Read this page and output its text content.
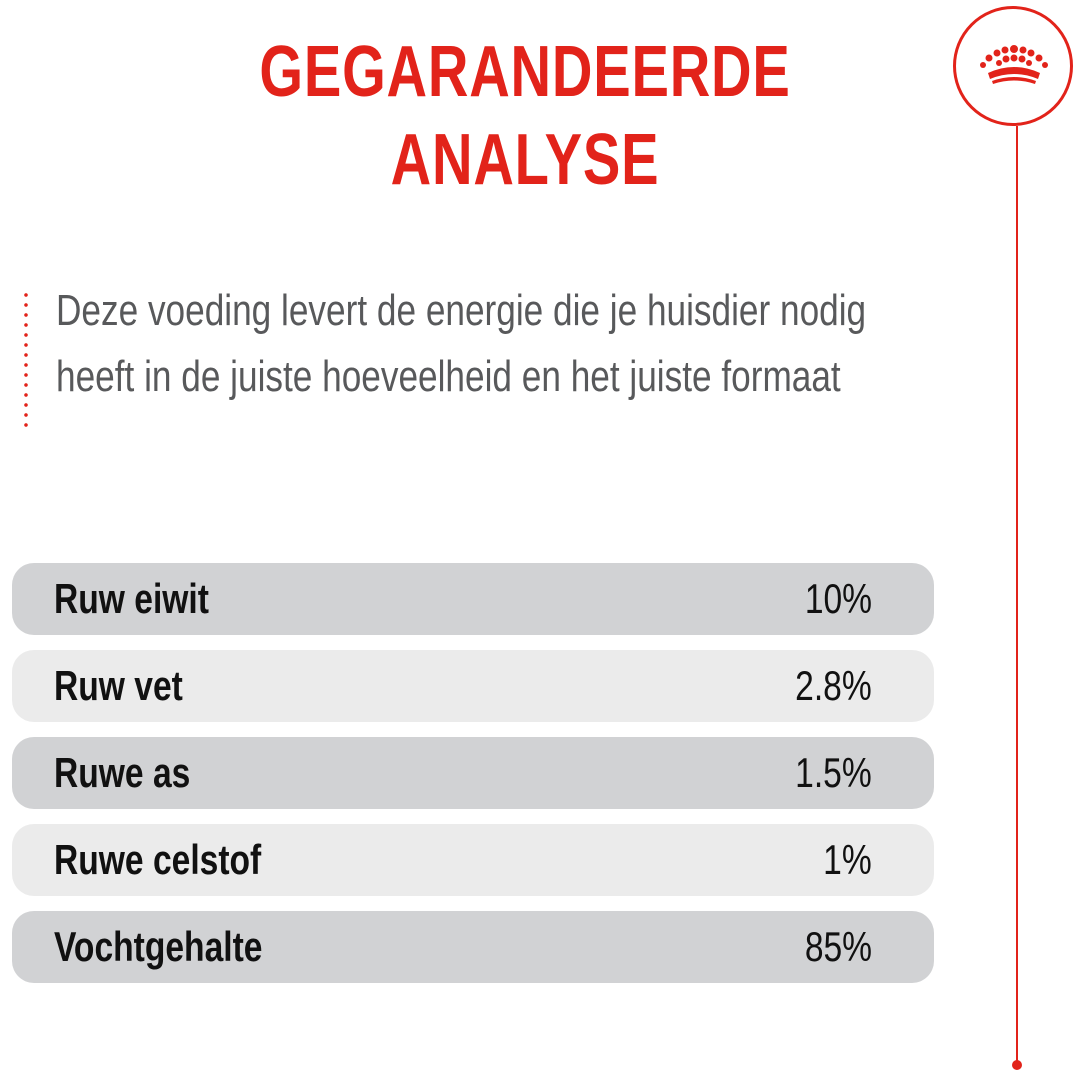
GEGARANDEERDE
ANALYSE
Deze voeding levert de energie die je huisdier nodig heeft in de juiste hoeveelheid en het juiste formaat
Ruw eiwit	10%
Ruw vet	2.8%
Ruwe as	1.5%
Ruwe celstof	1%
Vochtgehalte	85%
